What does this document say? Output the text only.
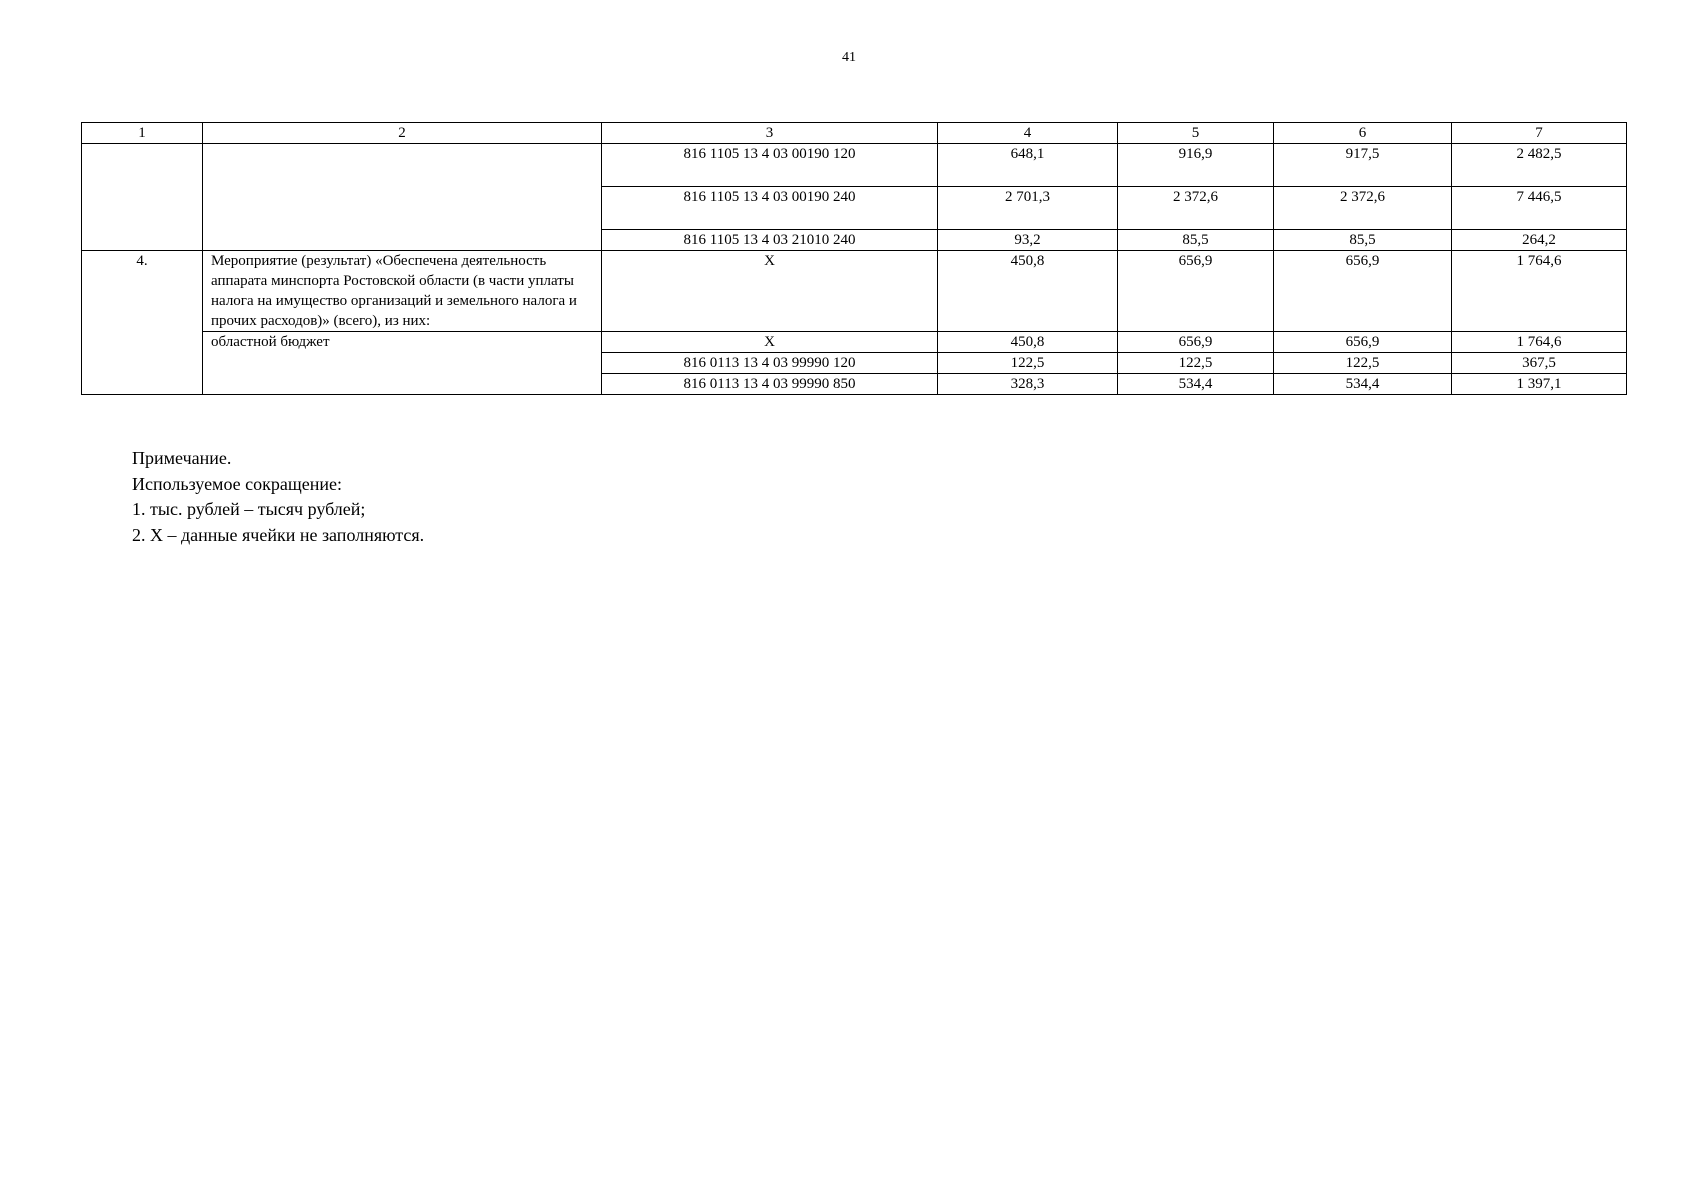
41
1	2	3	4	5	6	7
		816 1105 13 4 03 00190 120	648,1	916,9	917,5	2 482,5
		816 1105 13 4 03 00190 240	2 701,3	2 372,6	2 372,6	7 446,5
		816 1105 13 4 03 21010 240	93,2	85,5	85,5	264,2
4.	Мероприятие (результат) «Обеспечена деятельность аппарата минспорта Ростовской области (в части уплаты налога на имущество организаций и земельного налога и прочих расходов)» (всего), из них:	X	450,8	656,9	656,9	1 764,6
	областной бюджет	X	450,8	656,9	656,9	1 764,6
		816 0113 13 4 03 99990 120	122,5	122,5	122,5	367,5
		816 0113 13 4 03 99990 850	328,3	534,4	534,4	1 397,1
Примечание.
Используемое сокращение:
1. тыс. рублей – тысяч рублей;
2. X – данные ячейки не заполняются.
